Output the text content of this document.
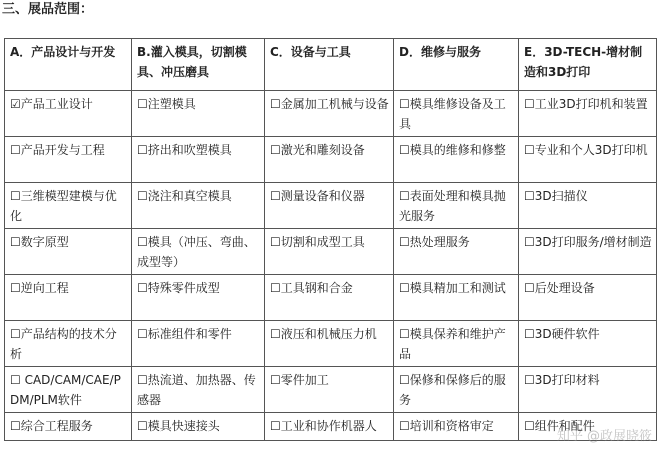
三、展品范围：
A．产品设计与开发	B.灌入模具，切割模具、冲压磨具	C．设备与工具	D．维修与服务	E．3D-TECH-增材制造和3D打印
☑产品工业设计	☐注塑模具	☐金属加工机械与设备	☐模具维修设备及工具	☐工业3D打印机和装置
☐产品开发与工程	☐挤出和吹塑模具	☐激光和雕刻设备	☐模具的维修和修整	☐专业和个人3D打印机
☐三维模型建模与优化	☐浇注和真空模具	☐测量设备和仪器	☐表面处理和模具抛光服务	☐3D扫描仪
☐数字原型	☐模具（冲压、弯曲、成型等）	☐切割和成型工具	☐热处理服务	☐3D打印服务/增材制造
☐逆向工程	☐特殊零件成型	☐工具钢和合金	☐模具精加工和测试	☐后处理设备
☐产品结构的技术分析	☐标准组件和零件	☐液压和机械压力机	☐模具保养和维护产品	☐3D硬件软件
☐ CAD/CAM/CAE/PDM/PLM软件	☐热流道、加热器、传感器	☐零件加工	☐保修和保修后的服务	☐3D打印材料
☐综合工程服务	☐模具快速接头	☐工业和协作机器人	☐培训和资格审定	☐组件和配件
知乎 @政展晓筱
